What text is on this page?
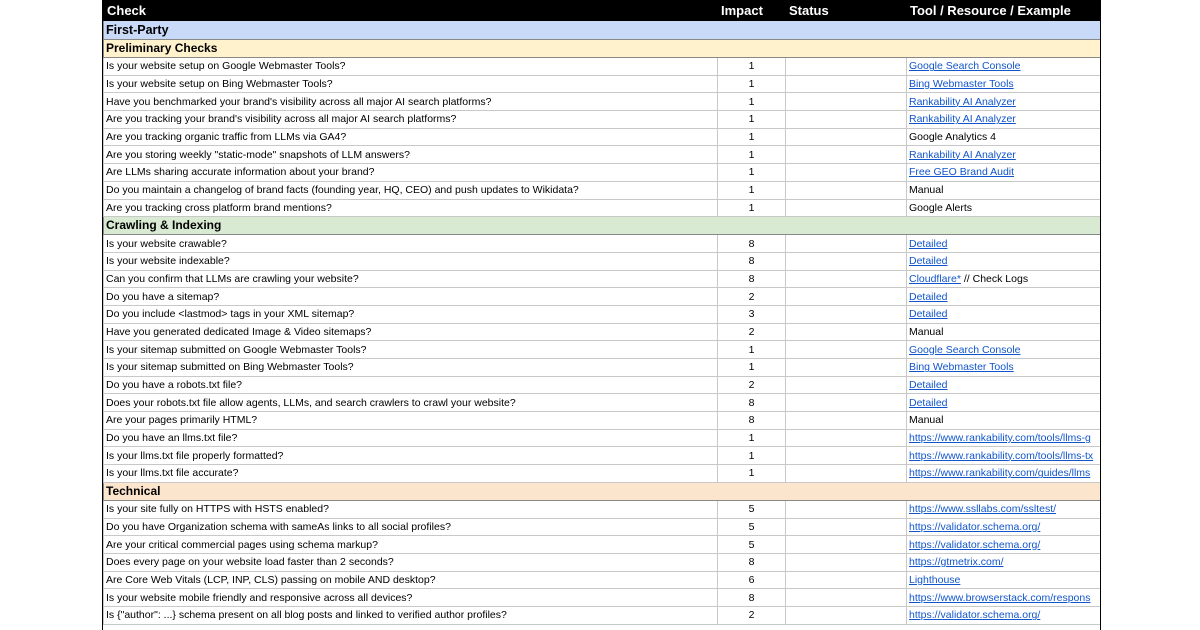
Check	Impact	Status	Tool / Resource / Example
First-Party			
Preliminary Checks			
Is your website setup on Google Webmaster Tools?	1		Google Search Console
Is your website setup on Bing Webmaster Tools?	1		Bing Webmaster Tools
Have you benchmarked your brand's visibility across all major AI search platforms?	1		Rankability AI Analyzer
Are you tracking your brand's visibility across all major AI search platforms?	1		Rankability AI Analyzer
Are you tracking organic traffic from LLMs via GA4?	1		Google Analytics 4
Are you storing weekly "static-mode" snapshots of LLM answers?	1		Rankability AI Analyzer
Are LLMs sharing accurate information about your brand?	1		Free GEO Brand Audit
Do you maintain a changelog of brand facts (founding year, HQ, CEO) and push updates to Wikidata?	1		Manual
Are you tracking cross platform brand mentions?	1		Google Alerts
Crawling & Indexing			
Is your website crawable?	8		Detailed
Is your website indexable?	8		Detailed
Can you confirm that LLMs are crawling your website?	8		Cloudflare* // Check Logs
Do you have a sitemap?	2		Detailed
Do you include <lastmod> tags in your XML sitemap?	3		Detailed
Have you generated dedicated Image & Video sitemaps?	2		Manual
Is your sitemap submitted on Google Webmaster Tools?	1		Google Search Console
Is your sitemap submitted on Bing Webmaster Tools?	1		Bing Webmaster Tools
Do you have a robots.txt file?	2		Detailed
Does your robots.txt file allow agents, LLMs, and search crawlers to crawl your website?	8		Detailed
Are your pages primarily HTML?	8		Manual
Do you have an llms.txt file?	1		https://www.rankability.com/tools/llms-g
Is your llms.txt file properly formatted?	1		https://www.rankability.com/tools/llms-tx
Is your llms.txt file accurate?	1		https://www.rankability.com/guides/llms
Technical			
Is your site fully on HTTPS with HSTS enabled?	5		https://www.ssllabs.com/ssltest/
Do you have Organization schema with sameAs links to all social profiles?	5		https://validator.schema.org/
Are your critical commercial pages using schema markup?	5		https://validator.schema.org/
Does every page on your website load faster than 2 seconds?	8		https://gtmetrix.com/
Are Core Web Vitals (LCP, INP, CLS) passing on mobile AND desktop?	6		Lighthouse
Is your website mobile friendly and responsive across all devices?	8		https://www.browserstack.com/respons
Is {"author": ...} schema present on all blog posts and linked to verified author profiles?	2		https://validator.schema.org/
